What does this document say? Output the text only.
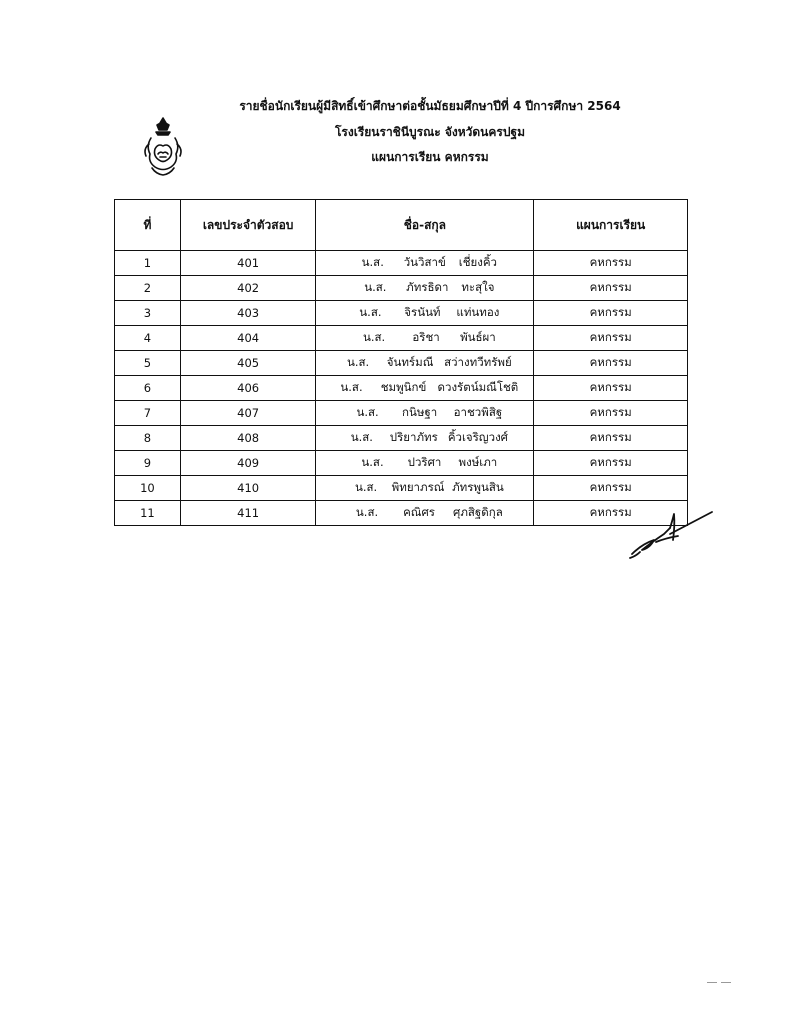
รายชื่อนักเรียนผู้มีสิทธิ์เข้าศึกษาต่อชั้นมัธยมศึกษาปีที่ 4 ปีการศึกษา 2564
โรงเรียนราชินีบูรณะ จังหวัดนครปฐม
แผนการเรียน คหกรรม
ที่	เลขประจำตัวสอบ	ชื่อ-สกุล	แผนการเรียน
1	401	น.ส. วันวิสาข์ เชี่ยงคิ้ว	คหกรรม
2	402	น.ส. ภัทรธิดา ทะสุใจ	คหกรรม
3	403	น.ส. จิรนันท์ แท่นทอง	คหกรรม
4	404	น.ส. อริชา พันธ์ผา	คหกรรม
5	405	น.ส. จันทร์มณี สว่างทวีทรัพย์	คหกรรม
6	406	น.ส. ชมพูนิกข์ ดวงรัตน์มณีโชติ	คหกรรม
7	407	น.ส. กนิษฐา อาชวพิสิฐ	คหกรรม
8	408	น.ส. ปริยาภัทร คิ้วเจริญวงศ์	คหกรรม
9	409	น.ส. ปวริศา พงษ์เภา	คหกรรม
10	410	น.ส. พิทยาภรณ์ ภัทรพูนสิน	คหกรรม
11	411	น.ส. คณิศร ศุภสิฐดิกุล	คหกรรม
